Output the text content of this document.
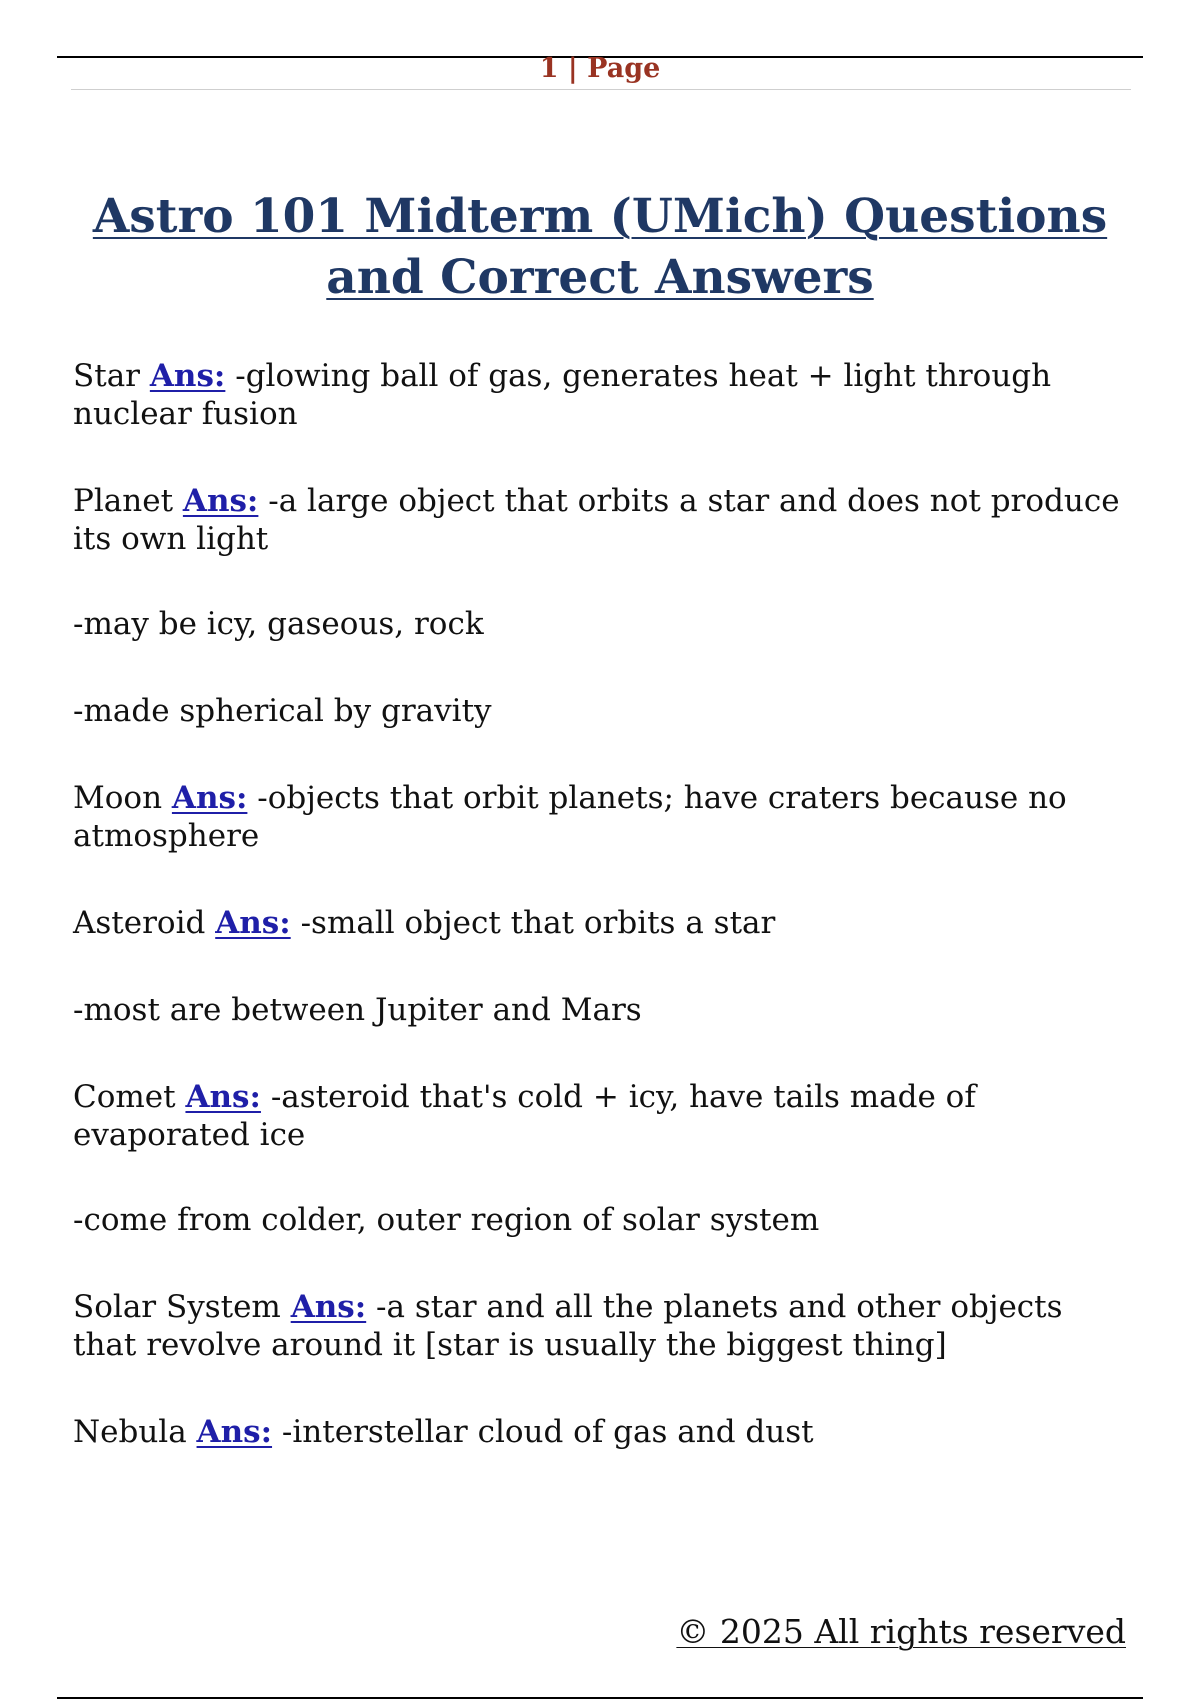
1 | Page
Astro 101 Midterm (UMich) Questions and Correct Answers

Star Ans: -glowing ball of gas, generates heat + light through nuclear fusion

Planet Ans: -a large object that orbits a star and does not produce its own light

-may be icy, gaseous, rock

-made spherical by gravity

Moon Ans: -objects that orbit planets; have craters because no atmosphere

Asteroid Ans: -small object that orbits a star

-most are between Jupiter and Mars

Comet Ans: -asteroid that's cold + icy, have tails made of evaporated ice

-come from colder, outer region of solar system

Solar System Ans: -a star and all the planets and other objects that revolve around it [star is usually the biggest thing]

Nebula Ans: -interstellar cloud of gas and dust

© 2025 All rights reserved
